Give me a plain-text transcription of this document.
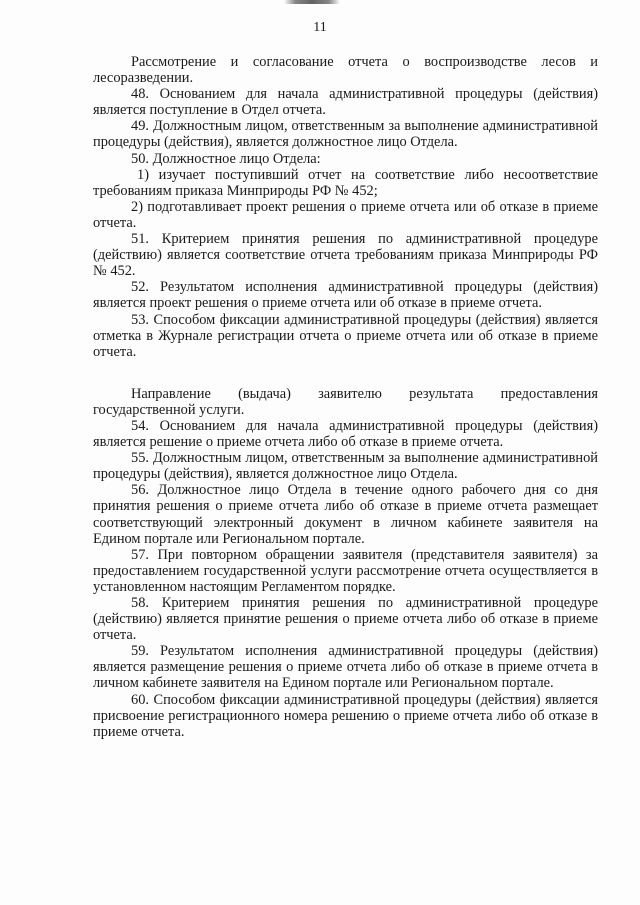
11

Рассмотрение и согласование отчета о воспроизводстве лесов и лесоразведении.

48. Основанием для начала административной процедуры (действия) является поступление в Отдел отчета.

49. Должностным лицом, ответственным за выполнение административной процедуры (действия), является должностное лицо Отдела.

50. Должностное лицо Отдела:

1) изучает поступивший отчет на соответствие либо несоответствие требованиям приказа Минприроды РФ № 452;

2) подготавливает проект решения о приеме отчета или об отказе в приеме отчета.

51. Критерием принятия решения по административной процедуре (действию) является соответствие отчета требованиям приказа Минприроды РФ № 452.

52. Результатом исполнения административной процедуры (действия) является проект решения о приеме отчета или об отказе в приеме отчета.

53. Способом фиксации административной процедуры (действия) является отметка в Журнале регистрации отчета о приеме отчета или об отказе в приеме отчета.

Направление (выдача) заявителю результата предоставления государственной услуги.

54. Основанием для начала административной процедуры (действия) является решение о приеме отчета либо об отказе в приеме отчета.

55. Должностным лицом, ответственным за выполнение административной процедуры (действия), является должностное лицо Отдела.

56. Должностное лицо Отдела в течение одного рабочего дня со дня принятия решения о приеме отчета либо об отказе в приеме отчета размещает соответствующий электронный документ в личном кабинете заявителя на Едином портале или Региональном портале.

57. При повторном обращении заявителя (представителя заявителя) за предоставлением государственной услуги рассмотрение отчета осуществляется в установленном настоящим Регламентом порядке.

58. Критерием принятия решения по административной процедуре (действию) является принятие решения о приеме отчета либо об отказе в приеме отчета.

59. Результатом исполнения административной процедуры (действия) является размещение решения о приеме отчета либо об отказе в приеме отчета в личном кабинете заявителя на Едином портале или Региональном портале.

60. Способом фиксации административной процедуры (действия) является присвоение регистрационного номера решению о приеме отчета либо об отказе в приеме отчета.
